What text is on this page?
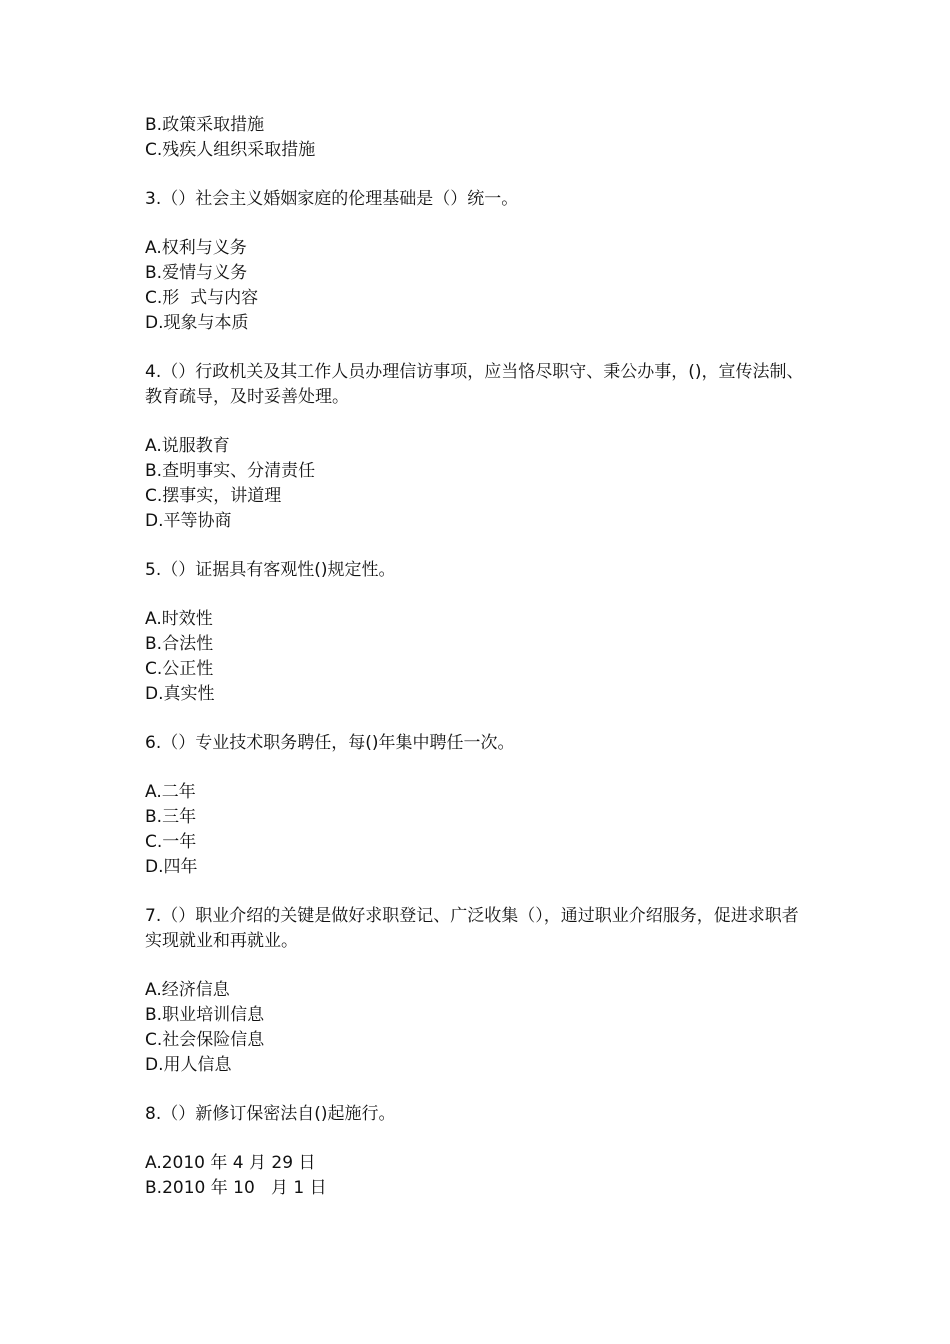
B.政策采取措施
C.残疾人组织采取措施
3.（）社会主义婚姻家庭的伦理基础是（）统一。
A.权利与义务
B.爱情与义务
C.形  式与内容
D.现象与本质
4.（）行政机关及其工作人员办理信访事项，应当恪尽职守、秉公办事，()，宣传法制、教育疏导，及时妥善处理。
A.说服教育
B.查明事实、分清责任
C.摆事实，讲道理
D.平等协商
5.（）证据具有客观性()规定性。
A.时效性
B.合法性
C.公正性
D.真实性
6.（）专业技术职务聘任，每()年集中聘任一次。
A.二年
B.三年
C.一年
D.四年
7.（）职业介绍的关键是做好求职登记、广泛收集（），通过职业介绍服务，促进求职者实现就业和再就业。
A.经济信息
B.职业培训信息
C.社会保险信息
D.用人信息
8.（）新修订保密法自()起施行。
A.2010 年 4 月 29 日
B.2010 年 10   月 1 日
